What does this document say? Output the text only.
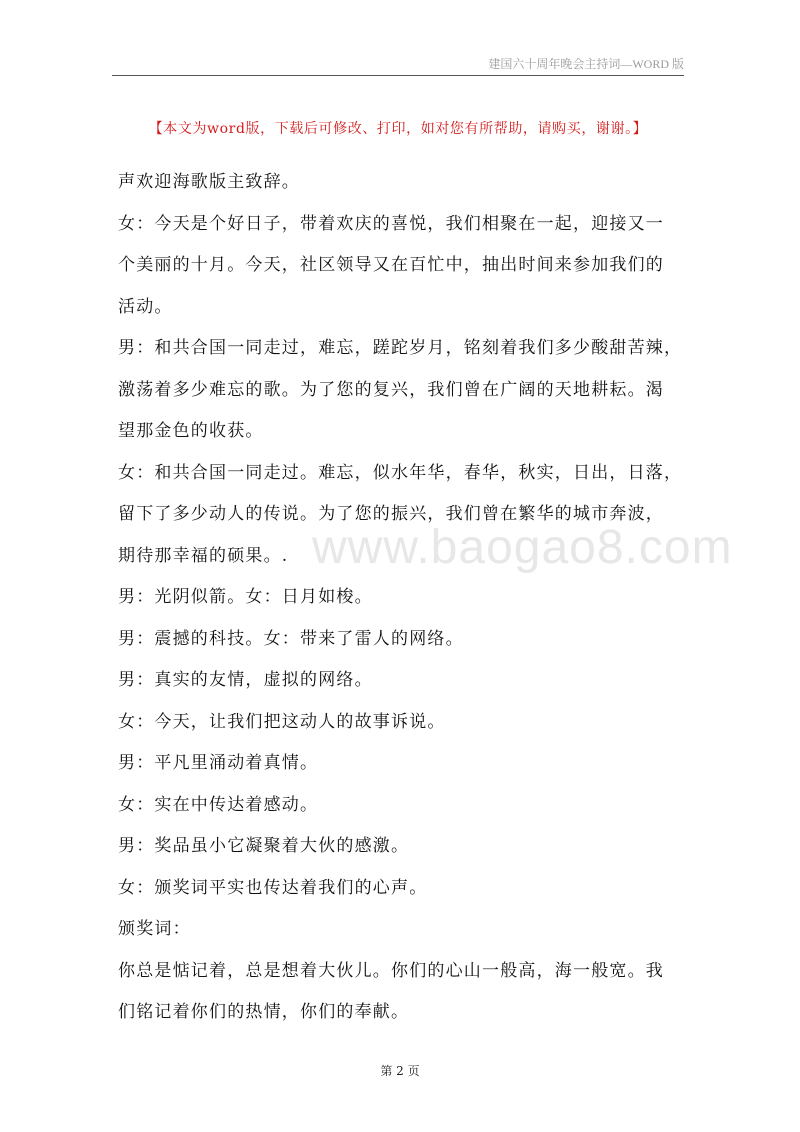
建国六十周年晚会主持词—WORD 版
【本文为word版，下载后可修改、打印，如对您有所帮助，请购买，谢谢。】
声欢迎海歌版主致辞。
女：今天是个好日子，带着欢庆的喜悦，我们相聚在一起，迎接又一
个美丽的十月。今天，社区领导又在百忙中，抽出时间来参加我们的
活动。
男：和共合国一同走过，难忘，蹉跎岁月，铭刻着我们多少酸甜苦辣，
激荡着多少难忘的歌。为了您的复兴，我们曾在广阔的天地耕耘。渴
望那金色的收获。
女：和共合国一同走过。难忘，似水年华，春华，秋实，日出，日落，
留下了多少动人的传说。为了您的振兴，我们曾在繁华的城市奔波，
期待那幸福的硕果。.
男：光阴似箭。女：日月如梭。
男：震撼的科技。女：带来了雷人的网络。
男：真实的友情，虚拟的网络。
女：今天，让我们把这动人的故事诉说。
男：平凡里涌动着真情。
女：实在中传达着感动。
男：奖品虽小它凝聚着大伙的感激。
女：颁奖词平实也传达着我们的心声。
颁奖词：
你总是惦记着，总是想着大伙儿。你们的心山一般高，海一般宽。我
们铭记着你们的热情，你们的奉献。
www.baogao8.com
第 2 页
